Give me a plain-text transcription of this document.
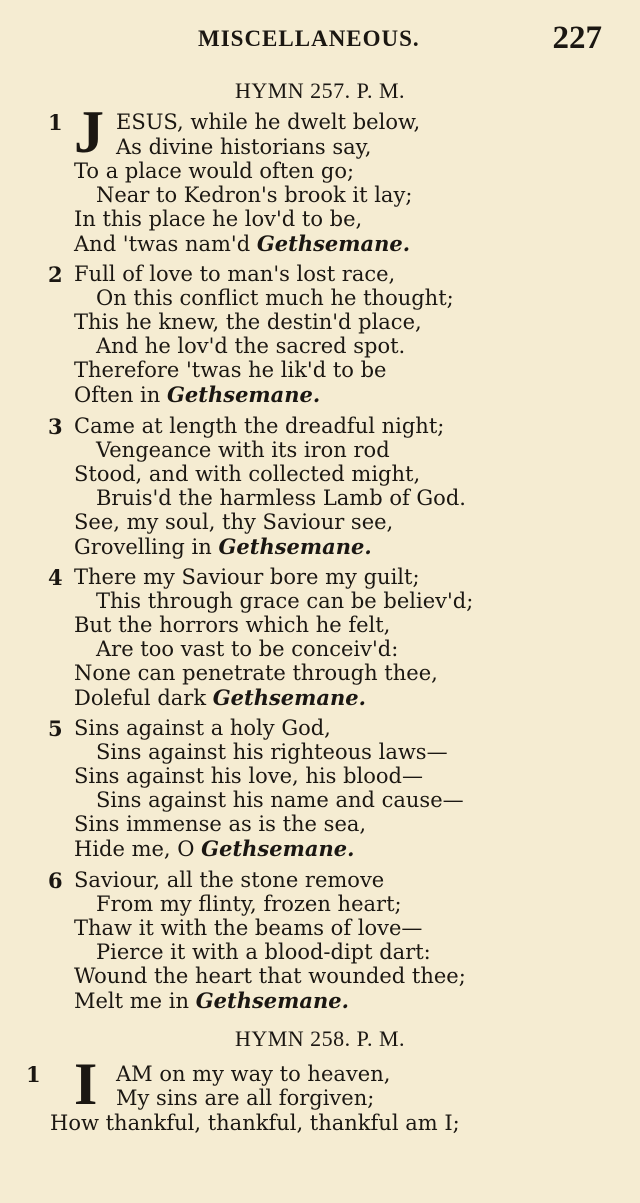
MISCELLANEOUS.	227
HYMN 257. P. M.
1 J ESUS, while he dwelt below,
As divine historians say,
To a place would often go;
Near to Kedron's brook it lay;
In this place he lov'd to be,
And 'twas nam'd Gethsemane.
2 Full of love to man's lost race,
On this conflict much he thought;
This he knew, the destin'd place,
And he lov'd the sacred spot.
Therefore 'twas he lik'd to be
Often in Gethsemane.
3 Came at length the dreadful night;
Vengeance with its iron rod
Stood, and with collected might,
Bruis'd the harmless Lamb of God.
See, my soul, thy Saviour see,
Grovelling in Gethsemane.
4 There my Saviour bore my guilt;
This through grace can be believ'd;
But the horrors which he felt,
Are too vast to be conceiv'd:
None can penetrate through thee,
Doleful dark Gethsemane.
5 Sins against a holy God,
Sins against his righteous laws—
Sins against his love, his blood—
Sins against his name and cause—
Sins immense as is the sea,
Hide me, O Gethsemane.
6 Saviour, all the stone remove
From my flinty, frozen heart;
Thaw it with the beams of love—
Pierce it with a blood-dipt dart:
Wound the heart that wounded thee;
Melt me in Gethsemane.
HYMN 258. P. M.
1 I AM on my way to heaven,
My sins are all forgiven;
How thankful, thankful, thankful am I;
